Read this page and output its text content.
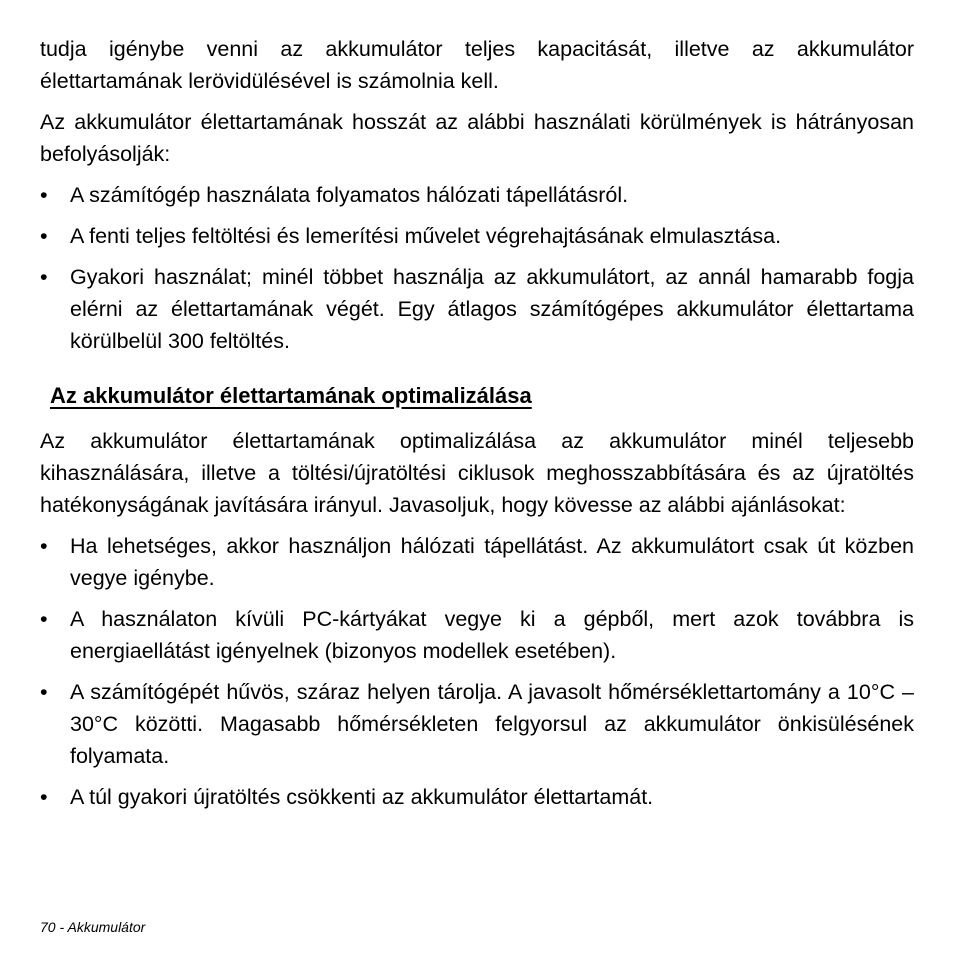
tudja igénybe venni az akkumulátor teljes kapacitását, illetve az akkumulátor élettartamának lerövidülésével is számolnia kell.

Az akkumulátor élettartamának hosszát az alábbi használati körülmények is hátrányosan befolyásolják:

•	A számítógép használata folyamatos hálózati tápellátásról.
•	A fenti teljes feltöltési és lemerítési művelet végrehajtásának elmulasztása.
•	Gyakori használat; minél többet használja az akkumulátort, az annál hamarabb fogja elérni az élettartamának végét. Egy átlagos számítógépes akkumulátor élettartama körülbelül 300 feltöltés.
Az akkumulátor élettartamának optimalizálása

Az akkumulátor élettartamának optimalizálása az akkumulátor minél teljesebb kihasználására, illetve a töltési/újratöltési ciklusok meghosszabbítására és az újratöltés hatékonyságának javítására irányul. Javasoljuk, hogy kövesse az alábbi ajánlásokat:

•	Ha lehetséges, akkor használjon hálózati tápellátást. Az akkumulátort csak út közben vegye igénybe.
•	A használaton kívüli PC-kártyákat vegye ki a gépből, mert azok továbbra is energiaellátást igényelnek (bizonyos modellek esetében).
•	A számítógépét hűvös, száraz helyen tárolja. A javasolt hőmérséklettartomány a 10°C – 30°C közötti. Magasabb hőmérsékleten felgyorsul az akkumulátor önkisülésének folyamata.
•	A túl gyakori újratöltés csökkenti az akkumulátor élettartamát.
70 - Akkumulátor
